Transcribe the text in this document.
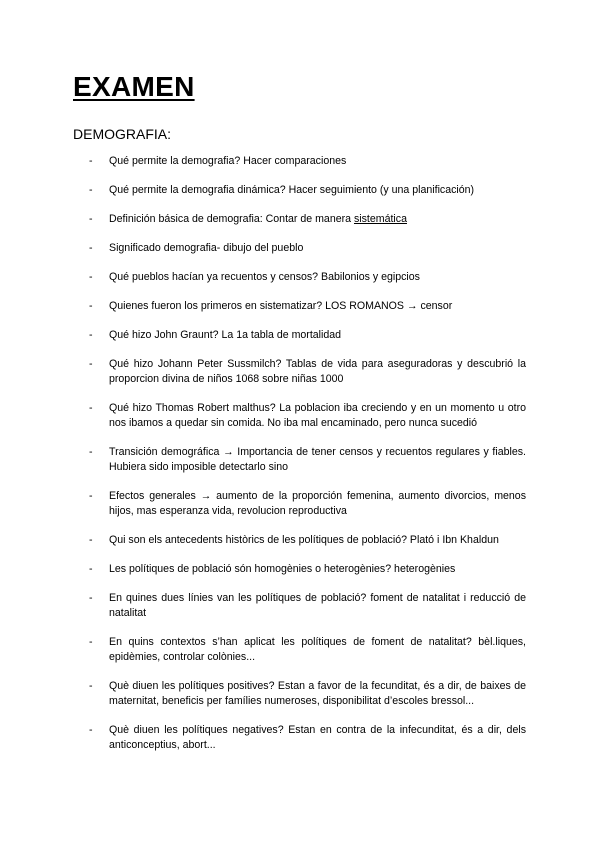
EXAMEN

DEMOGRAFIA:

- Qué permite la demografia? Hacer comparaciones
- Qué permite la demografia dinámica? Hacer seguimiento (y una planificación)
- Definición básica de demografia: Contar de manera sistemática
- Significado demografia- dibujo del pueblo
- Qué pueblos hacían ya recuentos y censos? Babilonios y egipcios
- Quienes fueron los primeros en sistematizar? LOS ROMANOS → censor
- Qué hizo John Graunt? La 1a tabla de mortalidad
- Qué hizo Johann Peter Sussmilch? Tablas de vida para aseguradoras y descubrió la proporcion divina de niños 1068 sobre niñas 1000
- Qué hizo Thomas Robert malthus? La poblacion iba creciendo y en un momento u otro nos ibamos a quedar sin comida. No iba mal encaminado, pero nunca sucedió
- Transición demográfica → Importancia de tener censos y recuentos regulares y fiables. Hubiera sido imposible detectarlo sino
- Efectos generales → aumento de la proporción femenina, aumento divorcios, menos hijos, mas esperanza vida, revolucion reproductiva
- Qui son els antecedents històrics de les polítiques de població? Plató i Ibn Khaldun
- Les polítiques de població són homogènies o heterogènies? heterogènies
- En quines dues línies van les polítiques de població? foment de natalitat i reducció de natalitat
- En quins contextos s’han aplicat les polítiques de foment de natalitat? bèl.liques, epidèmies, controlar colònies...
- Què diuen les polítiques positives? Estan a favor de la fecunditat, és a dir, de baixes de maternitat, beneficis per famílies numeroses, disponibilitat d’escoles bressol...
- Què diuen les polítiques negatives? Estan en contra de la infecunditat, és a dir, dels anticonceptius, abort...
